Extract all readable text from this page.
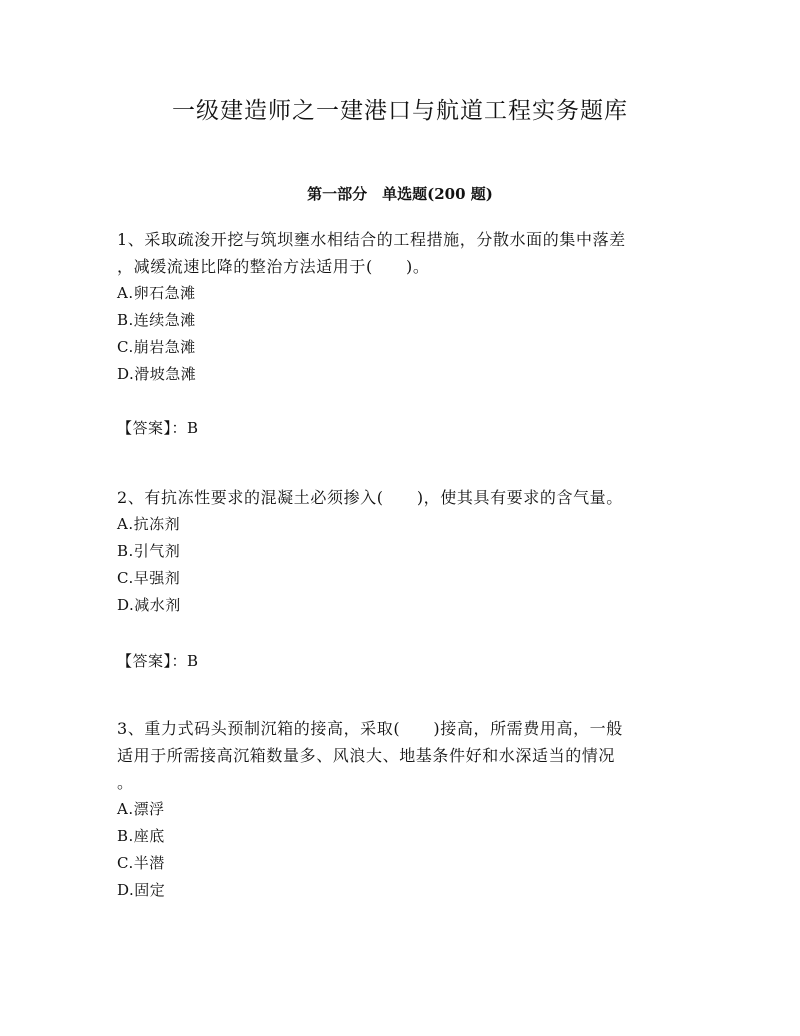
一级建造师之一建港口与航道工程实务题库
第一部分　单选题(200 题)
1、采取疏浚开挖与筑坝壅水相结合的工程措施，分散水面的集中落差
，减缓流速比降的整治方法适用于(　　)。
A.卵石急滩
B.连续急滩
C.崩岩急滩
D.滑坡急滩
【答案】：B
2、有抗冻性要求的混凝土必须掺入(　　)，使其具有要求的含气量。
A.抗冻剂
B.引气剂
C.早强剂
D.减水剂
【答案】：B
3、重力式码头预制沉箱的接高，采取(　　)接高，所需费用高，一般
适用于所需接高沉箱数量多、风浪大、地基条件好和水深适当的情况
。
A.漂浮
B.座底
C.半潜
D.固定
